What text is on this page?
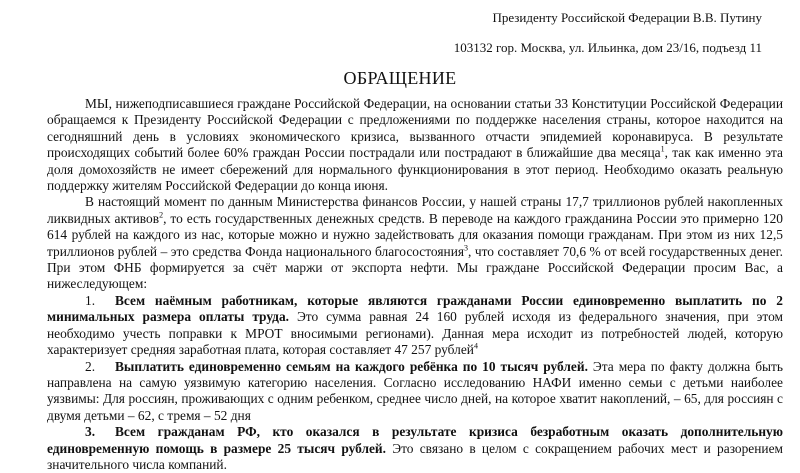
Президенту Российской Федерации В.В. Путину
103132 гор. Москва, ул. Ильинка, дом 23/16, подъезд 11
ОБРАЩЕНИЕ

МЫ, нижеподписавшиеся граждане Российской Федерации, на основании статьи 33 Конституции Российской Федерации обращаемся к Президенту Российской Федерации с предложениями по поддержке населения страны, которое находится на сегодняшний день в условиях экономического кризиса, вызванного отчасти эпидемией коронавируса. В результате происходящих событий более 60% граждан России пострадали или пострадают в ближайшие два месяца$^1$, так как именно эта доля домохозяйств не имеет сбережений для нормального функционирования в этот период. Необходимо оказать реальную поддержку жителям Российской Федерации до конца июня.

В настоящий момент по данным Министерства финансов России, у нашей страны 17,7 триллионов рублей накопленных ликвидных активов$^2$, то есть государственных денежных средств. В переводе на каждого гражданина России это примерно 120 614 рублей на каждого из нас, которые можно и нужно задействовать для оказания помощи гражданам. При этом из них 12,5 триллионов рублей – это средства Фонда национального благосостояния$^3$, что составляет 70,6 % от всей государственных денег. При этом ФНБ формируется за счёт маржи от экспорта нефти. Мы граждане Российской Федерации просим Вас, а нижеследующем:

1. Всем наёмным работникам, которые являются гражданами России единовременно выплатить по 2 минимальных размера оплаты труда. Это сумма равная 24 160 рублей исходя из федерального значения, при этом необходимо учесть поправки к МРОТ вносимыми регионами). Данная мера исходит из потребностей людей, которую характеризует средняя заработная плата, которая составляет 47 257 рублей$^4$

2. Выплатить единовременно семьям на каждого ребёнка по 10 тысяч рублей. Эта мера по факту должна быть направлена на самую уязвимую категорию населения. Согласно исследованию НАФИ именно семьи с детьми наиболее уязвимы: Для россиян, проживающих с одним ребенком, среднее число дней, на которое хватит накоплений, – 65, для россиян с двумя детьми – 62, с тремя – 52 дня

3. Всем гражданам РФ, кто оказался в результате кризиса безработным оказать дополнительную единовременную помощь в размере 25 тысяч рублей. Это связано в целом с сокращением рабочих мест и разорением значительного числа компаний.
